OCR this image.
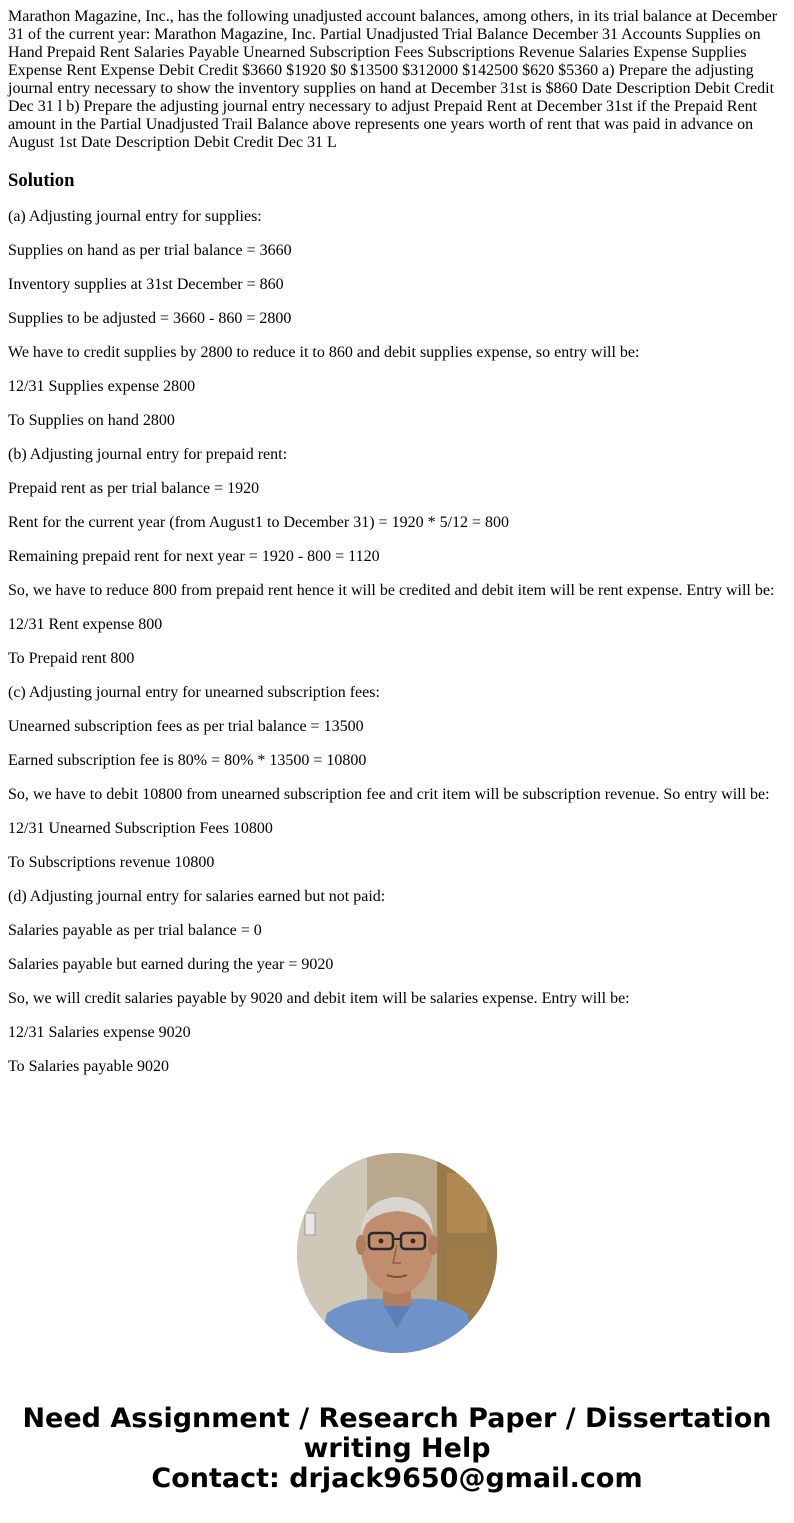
Marathon Magazine, Inc., has the following unadjusted account balances, among others, in its trial balance at December 31 of the current year: Marathon Magazine, Inc. Partial Unadjusted Trial Balance December 31 Accounts Supplies on Hand Prepaid Rent Salaries Payable Unearned Subscription Fees Subscriptions Revenue Salaries Expense Supplies Expense Rent Expense Debit Credit $3660 $1920 $0 $13500 $312000 $142500 $620 $5360 a) Prepare the adjusting journal entry necessary to show the inventory supplies on hand at December 31st is $860 Date Description Debit Credit Dec 31 l b) Prepare the adjusting journal entry necessary to adjust Prepaid Rent at December 31st if the Prepaid Rent amount in the Partial Unadjusted Trail Balance above represents one years worth of rent that was paid in advance on August 1st Date Description Debit Credit Dec 31 L

Solution

(a) Adjusting journal entry for supplies:

Supplies on hand as per trial balance = 3660

Inventory supplies at 31st December = 860

Supplies to be adjusted = 3660 - 860 = 2800

We have to credit supplies by 2800 to reduce it to 860 and debit supplies expense, so entry will be:

12/31 Supplies expense 2800

To Supplies on hand 2800

(b) Adjusting journal entry for prepaid rent:

Prepaid rent as per trial balance = 1920

Rent for the current year (from August1 to December 31) = 1920 * 5/12 = 800

Remaining prepaid rent for next year = 1920 - 800 = 1120

So, we have to reduce 800 from prepaid rent hence it will be credited and debit item will be rent expense. Entry will be:

12/31 Rent expense 800

To Prepaid rent 800

(c) Adjusting journal entry for unearned subscription fees:

Unearned subscription fees as per trial balance = 13500

Earned subscription fee is 80% = 80% * 13500 = 10800

So, we have to debit 10800 from unearned subscription fee and crit item will be subscription revenue. So entry will be:

12/31 Unearned Subscription Fees 10800

To Subscriptions revenue 10800

(d) Adjusting journal entry for salaries earned but not paid:

Salaries payable as per trial balance = 0

Salaries payable but earned during the year = 9020

So, we will credit salaries payable by 9020 and debit item will be salaries expense. Entry will be:

12/31 Salaries expense 9020

To Salaries payable 9020

Need Assignment / Research Paper / Dissertation
writing Help
Contact: drjack9650@gmail.com
